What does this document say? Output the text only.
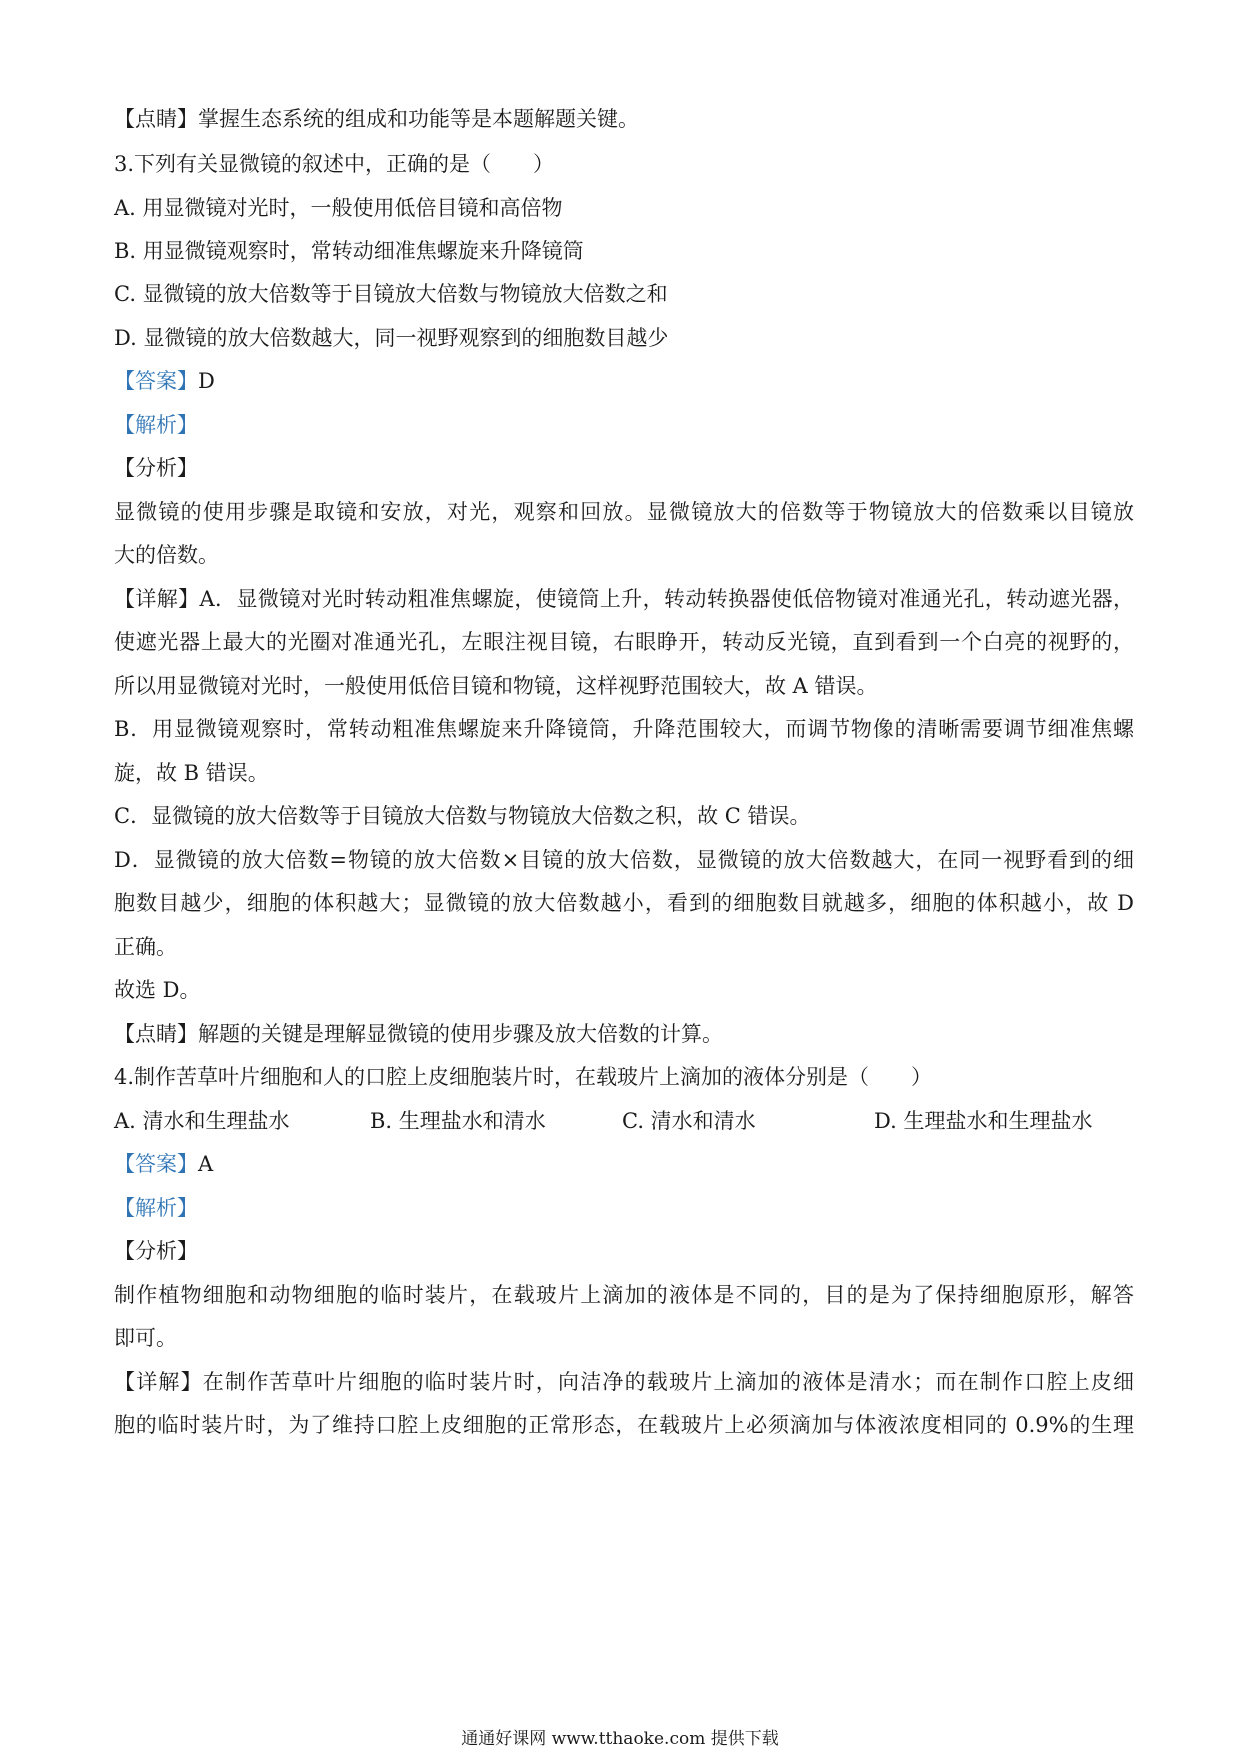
【点睛】掌握生态系统的组成和功能等是本题解题关键。
3.下列有关显微镜的叙述中，正确的是（　　）
A. 用显微镜对光时，一般使用低倍目镜和高倍物
B. 用显微镜观察时，常转动细准焦螺旋来升降镜筒
C. 显微镜的放大倍数等于目镜放大倍数与物镜放大倍数之和
D. 显微镜的放大倍数越大，同一视野观察到的细胞数目越少
【答案】D
【解析】
【分析】
显微镜的使用步骤是取镜和安放，对光，观察和回放。显微镜放大的倍数等于物镜放大的倍数乘以目镜放
大的倍数。
【详解】A．显微镜对光时转动粗准焦螺旋，使镜筒上升，转动转换器使低倍物镜对准通光孔，转动遮光器，
使遮光器上最大的光圈对准通光孔，左眼注视目镜，右眼睁开，转动反光镜，直到看到一个白亮的视野的，
所以用显微镜对光时，一般使用低倍目镜和物镜，这样视野范围较大，故 A 错误。
B．用显微镜观察时，常转动粗准焦螺旋来升降镜筒，升降范围较大，而调节物像的清晰需要调节细准焦螺
旋，故 B 错误。
C．显微镜的放大倍数等于目镜放大倍数与物镜放大倍数之积，故 C 错误。
D．显微镜的放大倍数=物镜的放大倍数×目镜的放大倍数，显微镜的放大倍数越大，在同一视野看到的细
胞数目越少，细胞的体积越大；显微镜的放大倍数越小，看到的细胞数目就越多，细胞的体积越小，故 D
正确。
故选 D。
【点睛】解题的关键是理解显微镜的使用步骤及放大倍数的计算。
4.制作苦草叶片细胞和人的口腔上皮细胞装片时，在载玻片上滴加的液体分别是（　　）
A. 清水和生理盐水	B. 生理盐水和清水	C. 清水和清水	D. 生理盐水和生理盐水
【答案】A
【解析】
【分析】
制作植物细胞和动物细胞的临时装片，在载玻片上滴加的液体是不同的，目的是为了保持细胞原形，解答
即可。
【详解】在制作苦草叶片细胞的临时装片时，向洁净的载玻片上滴加的液体是清水；而在制作口腔上皮细
胞的临时装片时，为了维持口腔上皮细胞的正常形态，在载玻片上必须滴加与体液浓度相同的 0.9%的生理
通通好课网 www.tthaoke.com 提供下载
